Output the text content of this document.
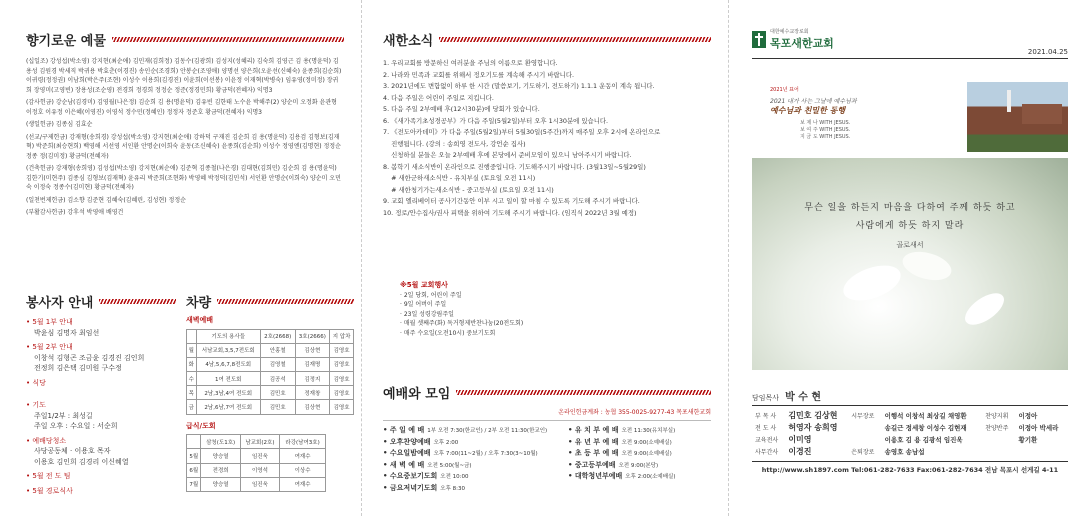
향기로운 예물

(십일조) 강성섭(박소영) 강지현(최순애) 김민재(김희정) 김동수(김광희) 김성지(성혜리) 김숙희 김영근 김 용(명윤덕) 김용성 김원경 박세직 박귀용 박효춘(이경진) 송인순(조경희) 안봉순(조영애) 양명선 양은희(오윤선(신혜숙) 윤종희(김순희) 이귀령(정정권) 이남희(박은주(조현) 이성수 이용희(김경진) 이윤희(이선봉) 이윤정 이재혁(박병숙) 임유영(정미정) 장귀희 장영미(고영빈) 장용성(조순영) 전경희 정경희 정정순 정준(정경민희) 황금덕(전혜자) 익명3

(감사헌금) 강순남(김경미) 김영월(나은정) 김순희 김 용(명윤덕) 김유빈 김한태 노수윤 박해주(2) 양순미 오정화 윤관형 이정호 이유정 이은혜(이영진) 이영석 정수민(정혜인) 정정자 정준호 황금덕(전혜자) 익명3

(생일헌금) 김종심 김효순

(선교/구제헌금) 강재형(송희경) 강성섭(박소영) 강지현(최순애) 강하덕 구재진 김순희 김 용(명윤덕) 김용검 김형보(김재혁) 박준희(최승현희) 백영해 서선영 서인환 안명순(이희숙 윤동(조신혜숙) 윤종희(김순희) 이성수 정영엔(김명현) 정정순 정종 정(김미정) 황금덕(전혜자)

(건축헌금) 강재형(송희영) 김성섭(박소영) 강지현(최순애) 김준혁 김종철(나은경) 김대현(김희민) 김순희 김 용(명윤덕) 김한기(미현주) 김종심 김형보(김재혁) 윤유리 박준희(조현화) 박영혜 박정덕(김민석) 서인환 안명순(이희숙) 양순미 오민숙 이정숙 정종수(김미현) 황금덕(전혜자)

(일천번제헌금) 김소향 김준현 김혜숙(김혜린, 김성현) 정정순

(부활감사헌금) 강후석 박영애 배영건

봉사자 안내
• 5월 1부 안내
박윤심 김명자 최임선
• 5월 2부 안내
이창석 김형곤 조금윤 김경진 김인희
전정희 김은택 김미원 구수정
• 식당
• 기도
주일1/2부 : 최성길
주일 오후 : 수요일 : 서순희
• 예배당청소
사당공동체 · 이용호 목자
이용호 김인희 김경리 이신혜열
• 5월 전 도 팀
• 5월 경로식사
차량
새벽예배
	기도의 용사들	2호(2668)	3호(2666)	지 압차
월	서남교회,3,5,7전도회	안홍철	김상현	김영호
화	4남,5,6,7,8전도회	김영철	김재명	김영호
수	1여 전도회	김공석	김정지	김영호
목	2남,3남,4여 전도회	김민호	정재창	김영호
금	2남,6남,7여 전도회	김민호	김상현	김영호
급식/도회
	삼청(도1호)	남교회(2호)	라강(남여3호)
5월	양승열	임진욱	여재수
6월	전경희	이영석	이상수
7월	양승열	임진욱	여재수
새한소식
1. 우리교회를 방문하신 여러분을 주님의 이름으로 환영합니다.
2. 나라와 민족과 교회를 위해서 정오기도를 계속해 주시기 바랍니다.
3. 2021년에도 변함없이 하루 한 시간 (말씀보기, 기도하기, 전도하기) 1.1.1 운동이 계속 됩니다.
4. 다음 주일은 어린이 주일로 지킵니다.
5. 다음 주일 2부예배 후(12시30분)에 당회가 있습니다.
6. 《새가족기초성경공부》가 다음 주일(5월2일)부터 오후 1시30분에 있습니다.
7. 《전도아카데미》가 다음 주일(5월2일)부터 5월30일(5주간)까지 매주일 오후 2시에 온라인으로
진행됩니다. (강의 : 송희영 전도사, 강언순 집사)
신청하실 분들은 오늘 2부예배 후에 본당에서 준비모임이 있으니 남아주시기 바랍니다.
8. 봄학기 새소식반이 온라인으로 진행중입니다. 기도해주시기 바랍니다. (3월13일~5월29일)
# 새한군하새소식반 - 유치부실 (토요일 오전 11시)
# 새한청기가는새소식반 - 중고등부실 (토요일 오전 11시)
9. 교회 엘리베이터 공사기간동안 이부 시고 일이 할 마침 수 있도록 기도해 주시기 바랍니다.
10. 정로/안수집사/권사 피택을 위하여 기도해 주시기 바랍니다. (임직식 2022년 3월 예정)
※5월 교회행사
· 2일 당회, 어린이 주일
· 9일 어버이 주일
· 23일 성령강림주일
· 매월 셋째주(화) 독거형제반찬나눔(20전도회)
· 매주 수요일(오전10시) 중보기도회
예배와 모임
온라인헌금계좌 : 농협 355-0025-9277-43 목포새한교회
• 주 일 예 배 1부 오전 7:30(한교인) / 2부 오전 11:30(한교인)
• 오후찬양예배 오후 2:00
• 수요일밤예배 오후 7:00(11~2월) / 오후 7:30(3~10월)
• 새 벽 예 배 오전 5:00(월~금)
• 수요중보기도회 오전 10:00
• 금요저녁기도회 오후 8:30
• 유 치 부 예 배 오전 11:30(유치부실)
• 유 년 부 예 배 오전 9:00(소예배실)
• 초 등 부 예 배 오전 9:00(소예배실)
• 중고등부예배 오전 9:00(본당)
• 대학청년부예배 오후 2:00(소예배실)
대한예수교장로회
목포새한교회
2021.04.25
2021년 표어
2021 내가 사는 그날에 예수님과
예수님과 친밀한 동행
보 제 나 WITH JESUS.
보 여 주 WITH JESUS.
지 금 도 WITH JESUS.
무슨 일을 하든지 마음을 다하여 주께 하듯 하고
사람에게 하듯 하지 말라
골로새서
담임목사 박 수 현
부 목 사	김민호 김상현	시무장로	이행석 이창석 최상길 채영환	찬양지휘	이정아
전 도 사	허영자 송희영		송길근 정세창 이성수 김현재	찬양반주	이정아 박세라
교육전사	이미영		이용호 김 용 김광석 임진욱		황기환
사무간사	이경진	은퇴장로	송영호 송남섭		
http://www.sh1897.com Tel:061-282-7633 Fax:061-282-7634 전남 목포시 선게길 4-11
